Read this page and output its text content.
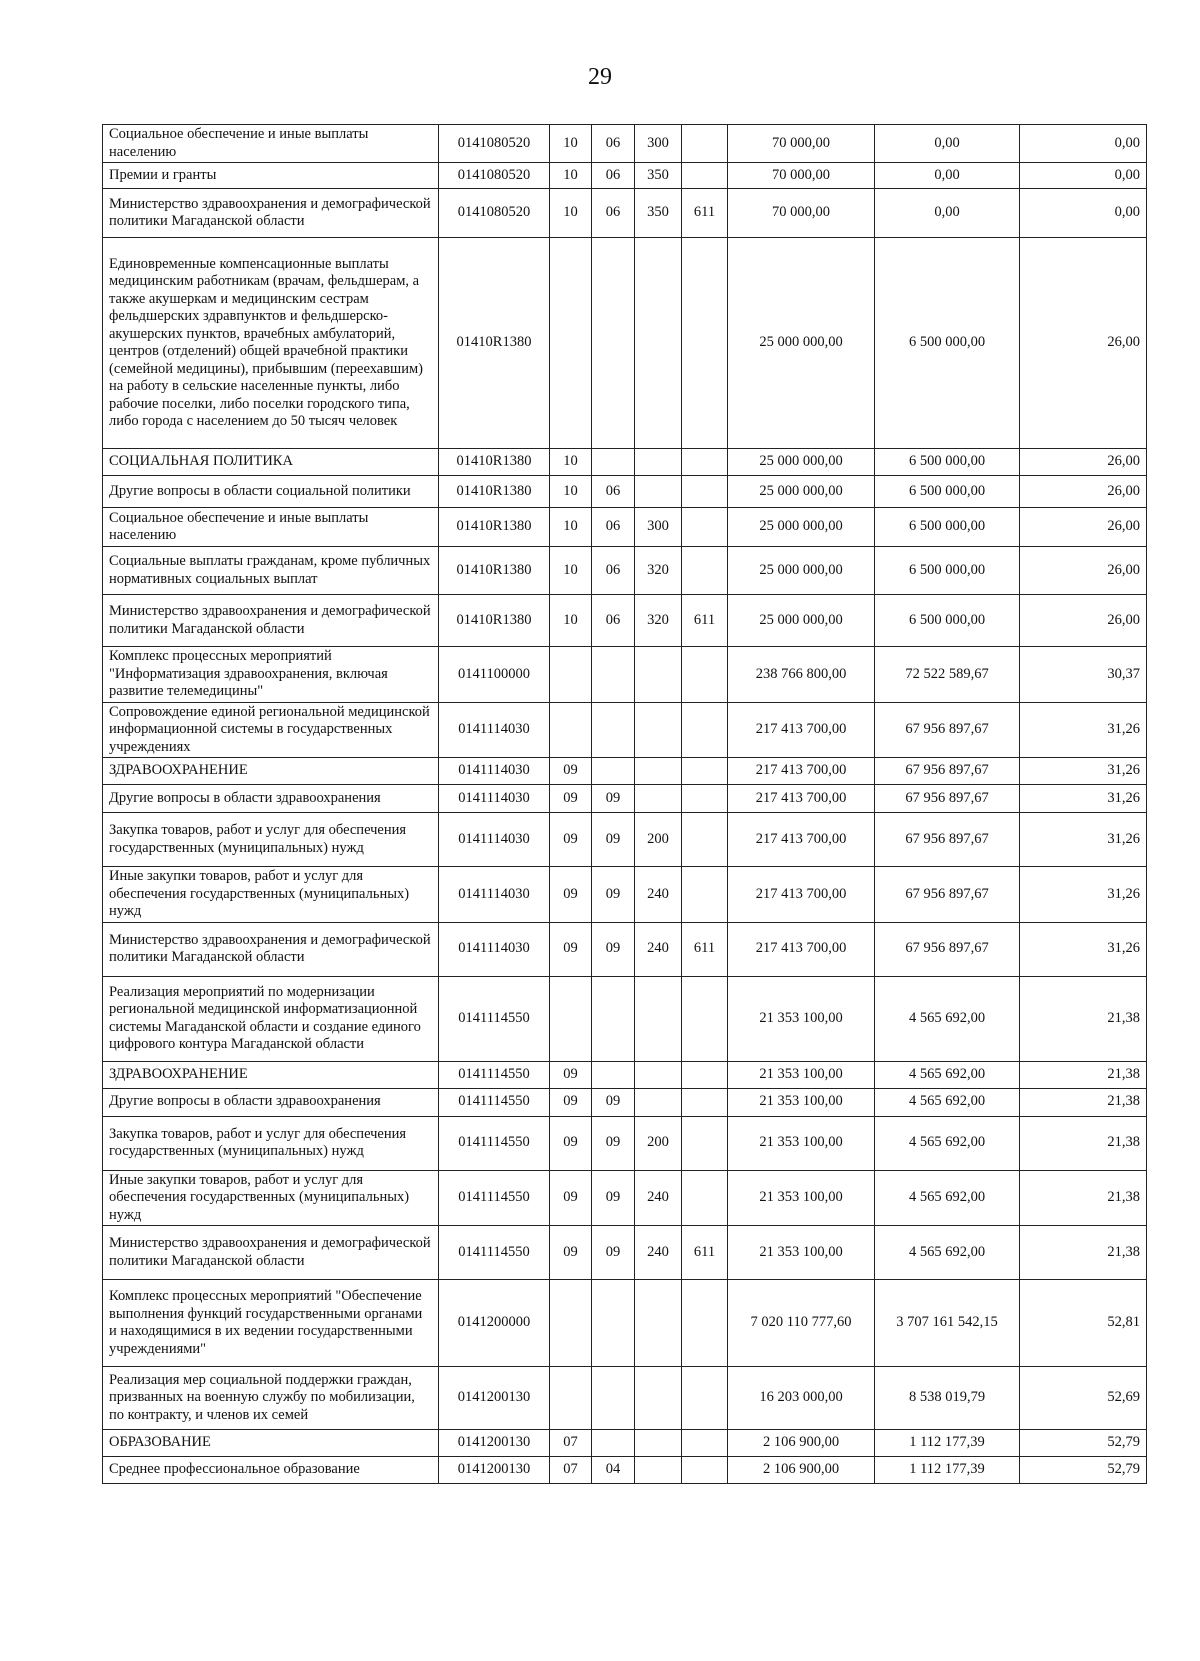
29
Социальное обеспечение и иные выплаты населению	0141080520	10	06	300		70 000,00	0,00	0,00
Премии и гранты	0141080520	10	06	350		70 000,00	0,00	0,00
Министерство здравоохранения и демографической политики Магаданской области	0141080520	10	06	350	611	70 000,00	0,00	0,00
Единовременные компенсационные выплаты медицинским работникам (врачам, фельдшерам, а также акушеркам и медицинским сестрам фельдшерских здравпунктов и фельдшерско-акушерских пунктов, врачебных амбулаторий, центров (отделений) общей врачебной практики (семейной медицины), прибывшим (переехавшим) на работу в сельские населенные пункты, либо рабочие поселки, либо поселки городского типа, либо города с населением до 50 тысяч человек	01410R1380					25 000 000,00	6 500 000,00	26,00
СОЦИАЛЬНАЯ ПОЛИТИКА	01410R1380	10				25 000 000,00	6 500 000,00	26,00
Другие вопросы в области социальной политики	01410R1380	10	06			25 000 000,00	6 500 000,00	26,00
Социальное обеспечение и иные выплаты населению	01410R1380	10	06	300		25 000 000,00	6 500 000,00	26,00
Социальные выплаты гражданам, кроме публичных нормативных социальных выплат	01410R1380	10	06	320		25 000 000,00	6 500 000,00	26,00
Министерство здравоохранения и демографической политики Магаданской области	01410R1380	10	06	320	611	25 000 000,00	6 500 000,00	26,00
Комплекс процессных мероприятий "Информатизация здравоохранения, включая развитие телемедицины"	0141100000					238 766 800,00	72 522 589,67	30,37
Сопровождение единой региональной медицинской информационной системы в государственных учреждениях	0141114030					217 413 700,00	67 956 897,67	31,26
ЗДРАВООХРАНЕНИЕ	0141114030	09				217 413 700,00	67 956 897,67	31,26
Другие вопросы в области здравоохранения	0141114030	09	09			217 413 700,00	67 956 897,67	31,26
Закупка товаров, работ и услуг для обеспечения государственных (муниципальных) нужд	0141114030	09	09	200		217 413 700,00	67 956 897,67	31,26
Иные закупки товаров, работ и услуг для обеспечения государственных (муниципальных) нужд	0141114030	09	09	240		217 413 700,00	67 956 897,67	31,26
Министерство здравоохранения и демографической политики Магаданской области	0141114030	09	09	240	611	217 413 700,00	67 956 897,67	31,26
Реализация мероприятий по модернизации региональной медицинской информатизационной системы Магаданской области и создание единого цифрового контура Магаданской области	0141114550					21 353 100,00	4 565 692,00	21,38
ЗДРАВООХРАНЕНИЕ	0141114550	09				21 353 100,00	4 565 692,00	21,38
Другие вопросы в области здравоохранения	0141114550	09	09			21 353 100,00	4 565 692,00	21,38
Закупка товаров, работ и услуг для обеспечения государственных (муниципальных) нужд	0141114550	09	09	200		21 353 100,00	4 565 692,00	21,38
Иные закупки товаров, работ и услуг для обеспечения государственных (муниципальных) нужд	0141114550	09	09	240		21 353 100,00	4 565 692,00	21,38
Министерство здравоохранения и демографической политики Магаданской области	0141114550	09	09	240	611	21 353 100,00	4 565 692,00	21,38
Комплекс процессных мероприятий "Обеспечение выполнения функций государственными органами и находящимися в их ведении государственными учреждениями"	0141200000					7 020 110 777,60	3 707 161 542,15	52,81
Реализация мер социальной поддержки граждан, призванных на военную службу по мобилизации, по контракту, и членов их семей	0141200130					16 203 000,00	8 538 019,79	52,69
ОБРАЗОВАНИЕ	0141200130	07				2 106 900,00	1 112 177,39	52,79
Среднее профессиональное образование	0141200130	07	04			2 106 900,00	1 112 177,39	52,79
